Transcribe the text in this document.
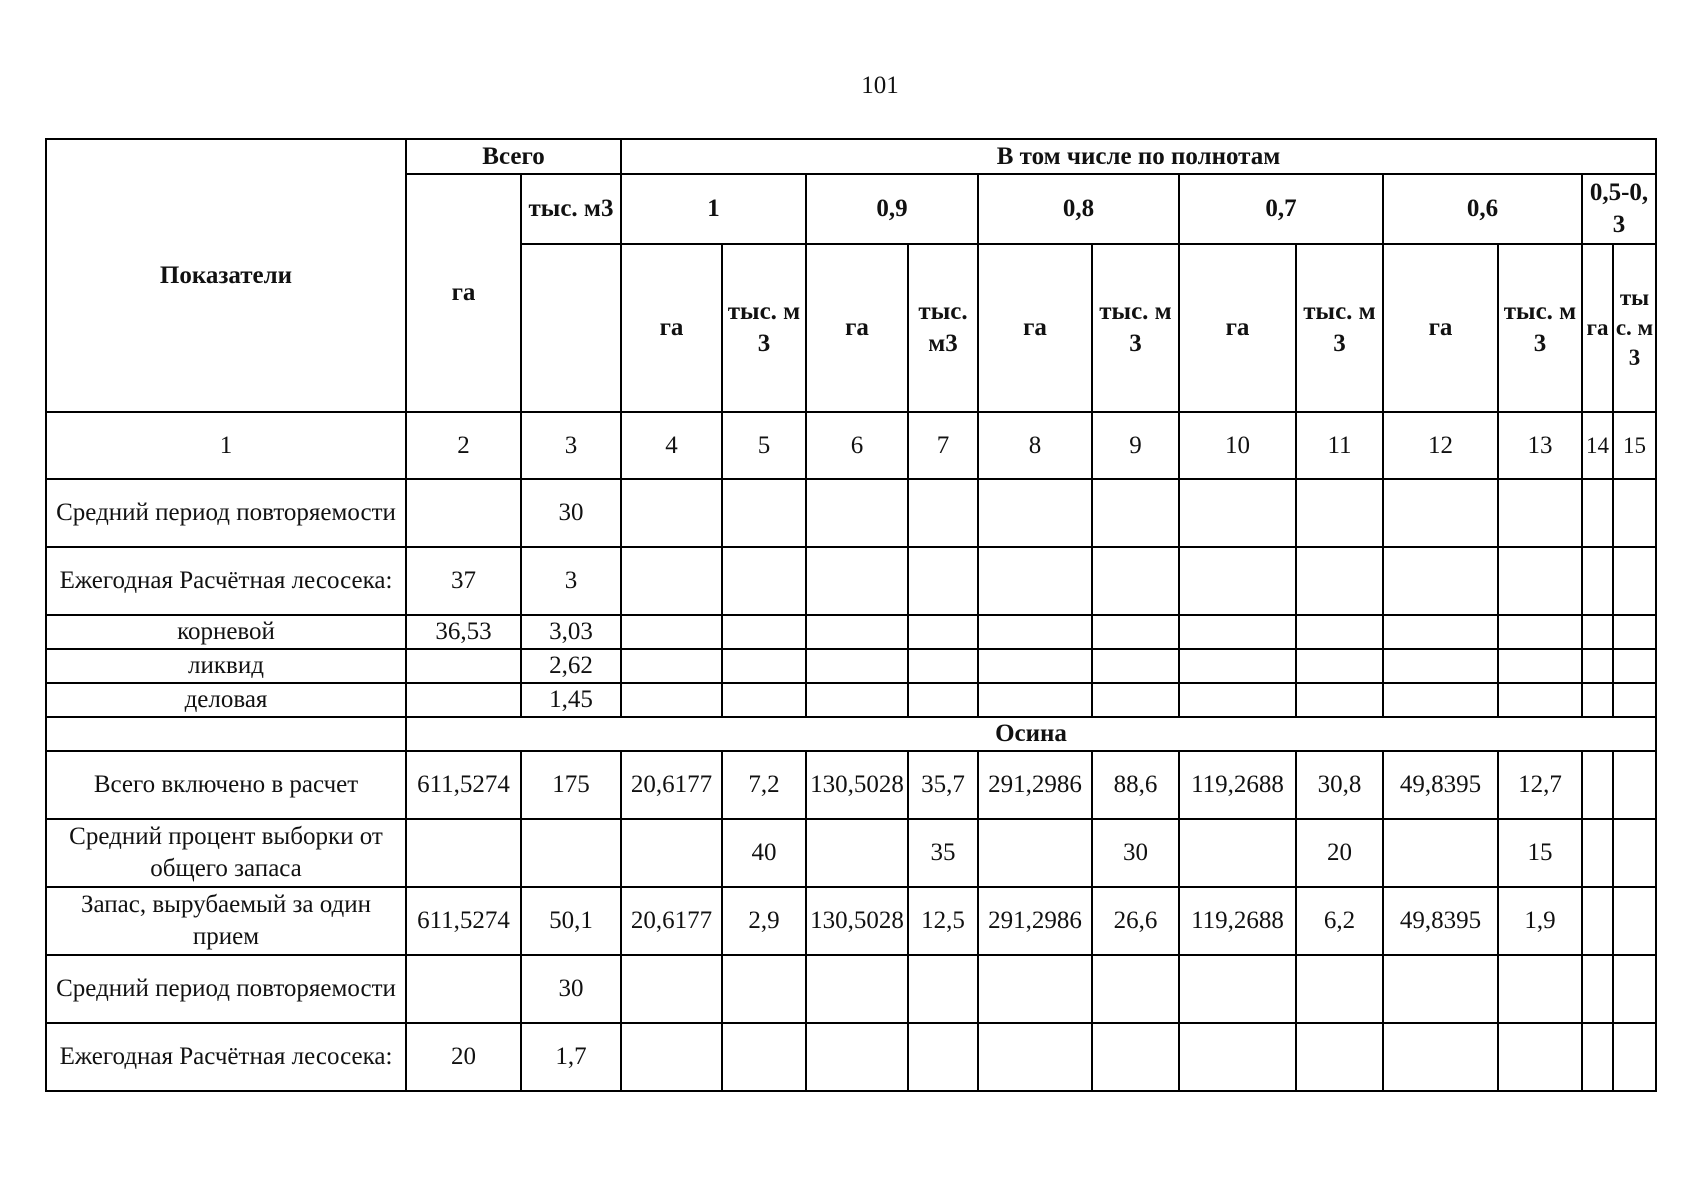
101
Показатели	Всего		В том числе по полнотам											
	га	тыс. м3	1		0,9		0,8		0,7		0,6		0,5-0,3	
			га	тыс. м3	га	тыс. м3	га	тыс. м3	га	тыс. м3	га	тыс. м3	га	тыс. м3
1	2	3	4	5	6	7	8	9	10	11	12	13	14	15
Средний период повторяемости		30												
Ежегодная Расчётная лесосека:	37	3												
корневой	36,53	3,03												
ликвид		2,62												
деловая		1,45												
	Осина													
Всего включено в расчет	611,5274	175	20,6177	7,2	130,5028	35,7	291,2986	88,6	119,2688	30,8	49,8395	12,7		
Средний процент выборки от общего запаса				40		35		30		20		15		
Запас, вырубаемый за один прием	611,5274	50,1	20,6177	2,9	130,5028	12,5	291,2986	26,6	119,2688	6,2	49,8395	1,9		
Средний период повторяемости		30												
Ежегодная Расчётная лесосека:	20	1,7												
